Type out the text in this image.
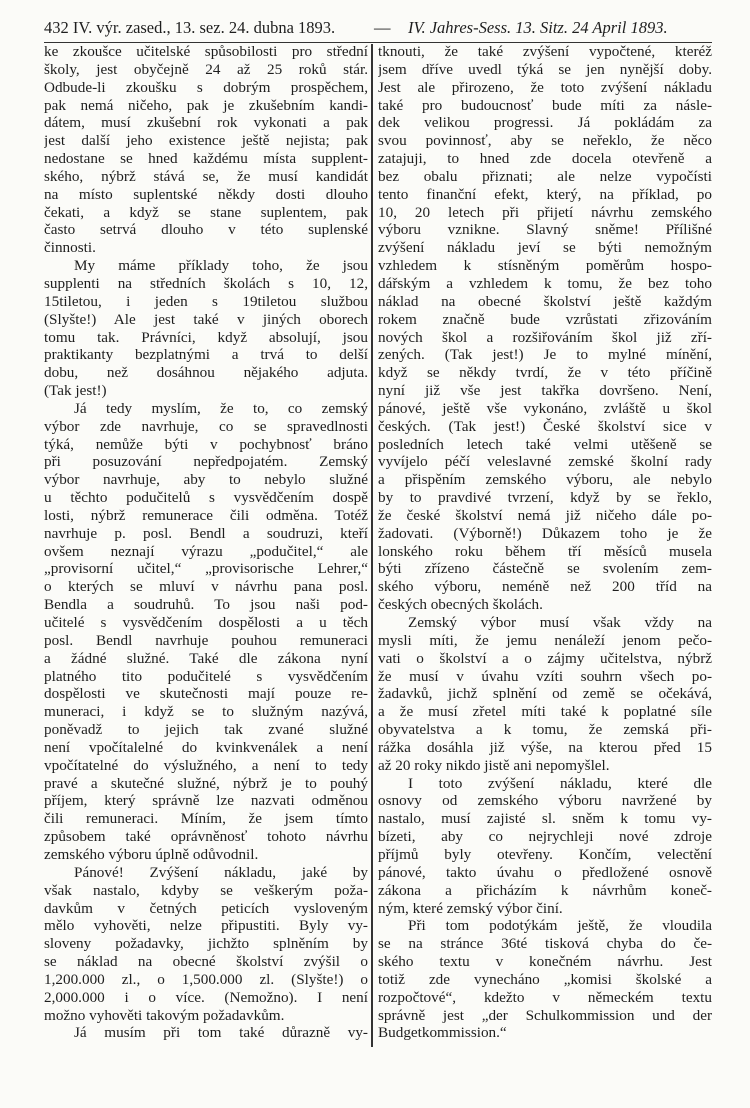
432 IV. výr. zased., 13. sez. 24. dubna 1893. — IV. Jahres-Sess. 13. Sitz. 24 April 1893.
ke zkoušce učitelské spůsobilosti pro střední
školy, jest obyčejně 24 až 25 roků stár.
Odbude-li zkoušku s dobrým prospěchem,
pak nemá ničeho, pak je zkušebním kandi-
dátem, musí zkušební rok vykonati a pak
jest další jeho existence ještě nejista; pak
nedostane se hned každému místa supplent-
ského, nýbrž stává se, že musí kandidát
na místo suplentské někdy dosti dlouho
čekati, a když se stane suplentem, pak
často setrvá dlouho v této suplenské
činnosti.
My máme příklady toho, že jsou
supplenti na středních školách s 10, 12,
15tiletou, i jeden s 19tiletou službou
(Slyšte!) Ale jest také v jiných oborech
tomu tak. Právníci, když absolují, jsou
praktikanty bezplatnými a trvá to delší
dobu, než dosáhnou nějakého adjuta.
(Tak jest!)
Já tedy myslím, že to, co zemský
výbor zde navrhuje, co se spravedlnosti
týká, nemůže býti v pochybnosť bráno
při posuzování nepředpojatém. Zemský
výbor navrhuje, aby to nebylo služné
u těchto podučitelů s vysvědčením dospě
losti, nýbrž remunerace čili odměna. Totéž
navrhuje p. posl. Bendl a soudruzi, kteří
ovšem neznají výrazu „podučitel,“ ale
„provisorní učitel,“ „provisorische Lehrer,“
o kterých se mluví v návrhu pana posl.
Bendla a soudruhů. To jsou naši pod-
učitelé s vysvědčením dospělosti a u těch
posl. Bendl navrhuje pouhou remuneraci
a žádné služné. Také dle zákona nyní
platného tito podučitelé s vysvědčením
dospělosti ve skutečnosti mají pouze re-
muneraci, i když se to služným nazývá,
poněvadž to jejich tak zvané služné
není vpočítalelné do kvinkvenálek a není
vpočítatelné do výslužného, a není to tedy
pravé a skutečné služné, nýbrž je to pouhý
příjem, který správně lze nazvati odměnou
čili remuneraci. Míním, že jsem tímto
způsobem také oprávněnosť tohoto návrhu
zemského výboru úplně odůvodnil.
Pánové! Zvýšení nákladu, jaké by
však nastalo, kdyby se veškerým poža-
davkům v četných peticích vysloveným
mělo vyhověti, nelze připustiti. Byly vy-
sloveny požadavky, jichžto splněním by
se náklad na obecné školství zvýšil o
1,200.000 zl., o 1,500.000 zl. (Slyšte!) o
2,000.000 i o více. (Nemožno). I není
možno vyhověti takovým požadavkům.
Já musím při tom také důrazně vy-
tknouti, že také zvýšení vypočtené, kteréž
jsem dříve uvedl týká se jen nynější doby.
Jest ale přirozeno, že toto zvýšení nákladu
také pro budoucnosť bude míti za násle-
dek velikou progressi. Já pokládám za
svou povinnosť, aby se neřeklo, že něco
zatajuji, to hned zde docela otevřeně a
bez obalu přiznati; ale nelze vypočísti
tento finanční efekt, který, na příklad, po
10, 20 letech při přijetí návrhu zemského
výboru vznikne. Slavný sněme! Přílišné
zvýšení nákladu jeví se býti nemožným
vzhledem k stísněným poměrům hospo-
dářským a vzhledem k tomu, že bez toho
náklad na obecné školství ještě každým
rokem značně bude vzrůstati zřizováním
nových škol a rozšiřováním škol již zří-
zených. (Tak jest!) Je to mylné mínění,
když se někdy tvrdí, že v této příčině
nyní již vše jest takřka dovršeno. Není,
pánové, ještě vše vykonáno, zvláště u škol
českých. (Tak jest!) České školství sice v
posledních letech také velmi utěšeně se
vyvíjelo péčí veleslavné zemské školní rady
a přispěním zemského výboru, ale nebylo
by to pravdivé tvrzení, když by se řeklo,
že české školství nemá již ničeho dále po-
žadovati. (Výborně!) Důkazem toho je že
lonského roku během tří měsíců musela
býti zřízeno částečně se svolením zem-
ského výboru, neméně než 200 tříd na
českých obecných školách.
Zemský výbor musí však vždy na
mysli míti, že jemu nenáleží jenom pečo-
vati o školství a o zájmy učitelstva, nýbrž
že musí v úvahu vzíti souhrn všech po-
žadavků, jichž splnění od země se očekává,
a že musí zřetel míti také k poplatné síle
obyvatelstva a k tomu, že zemská při-
rážka dosáhla již výše, na kterou před 15
až 20 roky nikdo jistě ani nepomyšlel.
I toto zvýšení nákladu, které dle
osnovy od zemského výboru navržené by
nastalo, musí zajisté sl. sněm k tomu vy-
bízeti, aby co nejrychleji nové zdroje
příjmů byly otevřeny. Končím, velectění
pánové, takto úvahu o předložené osnově
zákona a přicházím k návrhům koneč-
ným, které zemský výbor činí.
Při tom podotýkám ještě, že vloudila
se na stránce 36té tisková chyba do če-
ského textu v konečném návrhu. Jest
totiž zde vynecháno „komisi školské a
rozpočtové“, kdežto v německém textu
správně jest „der Schulkommission und der
Budgetkommission.“
